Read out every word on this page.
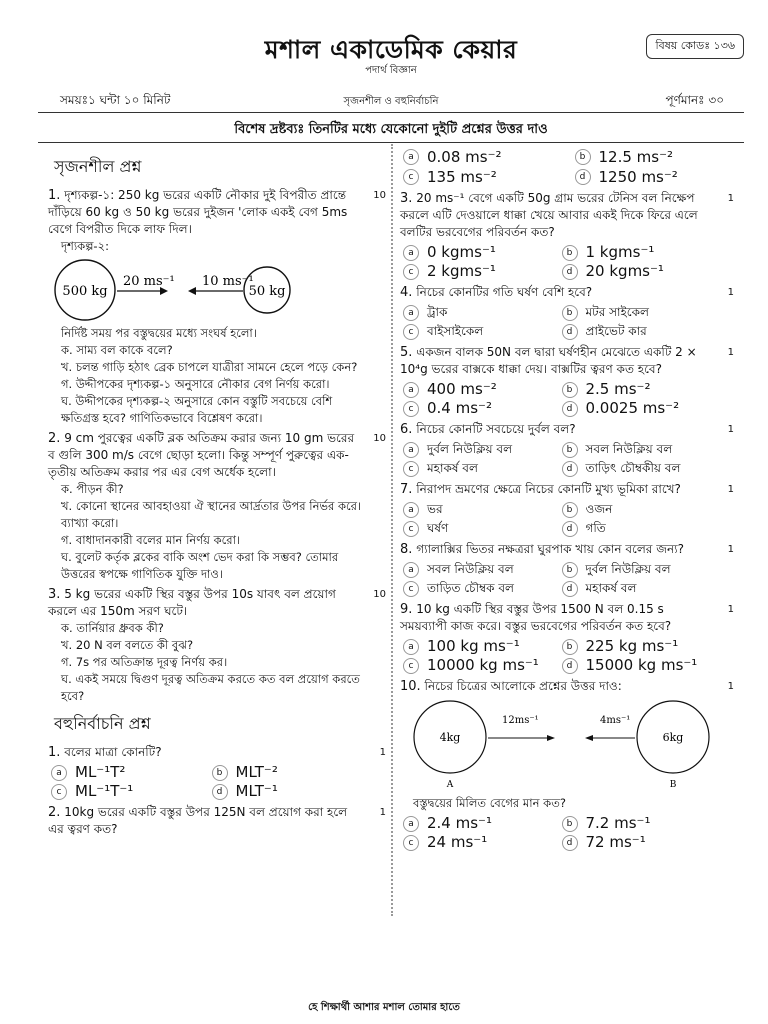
মশাল একাডেমিক কেয়ার
পদার্থ বিজ্ঞান
বিষয় কোডঃ ১৩৬
সময়ঃ১ ঘন্টা ১০ মিনিট	সৃজনশীল ও বহুনির্বাচনি	পূর্ণমানঃ ৩০
বিশেষ দ্রষ্টব্যঃ তিনটির মধ্যে যেকোনো দুইটি প্রশ্নের উত্তর দাও
সৃজনশীল প্রশ্ন
1. দৃশ্যকল্প-১: 250 kg ভরের একটি নৌকার দুই বিপরীত প্রান্তে দাঁড়িয়ে 60 kg ও 50 kg ভরের দুইজন 'লোক একই বেগ 5ms বেগে বিপরীত দিকে লাফ দিল।
10
দৃশ্যকল্প-২:
500 kg
20 ms⁻¹ 10 ms⁻¹
50 kg
নির্দিষ্ট সময় পর বস্তুদ্বয়ের মধ্যে সংঘর্ষ হলো।
ক. সাম্য বল কাকে বলে?
খ. চলন্ত গাড়ি হঠাৎ ব্রেক চাপলে যাত্রীরা সামনে হেলে পড়ে কেন?
গ. উদ্দীপকের দৃশ্যকল্প-১ অনুসারে নৌকার বেগ নির্ণয় করো।
ঘ. উদ্দীপকের দৃশ্যকল্প-২ অনুসারে কোন বস্তুটি সবচেয়ে বেশি ক্ষতিগ্রস্ত হবে? গাণিতিকভাবে বিশ্লেষণ করো।
2. 9 cm পুরত্বের একটি ব্লক অতিক্রম করার জন্য 10 gm ভরের ব গুলি 300 m/s বেগে ছোড়া হলো। কিন্তু সম্পূর্ণ পুরুত্বের এক-তৃতীয় অতিক্রম করার পর এর বেগ অর্ধেক হলো।
10
ক. পীড়ন কী?
খ. কোনো স্থানের আবহাওয়া ঐ স্থানের আর্দ্রতার উপর নির্ভর করে। ব্যাখ্যা করো।
গ. বাধাদানকারী বলের মান নির্ণয় করো।
ঘ. বুলেট কর্তৃক ব্লকের বাকি অংশ ভেদ করা কি সম্ভব? তোমার উত্তরের স্বপক্ষে গাণিতিক যুক্তি দাও।
3. 5 kg ভরের একটি স্থির বস্তুর উপর 10s যাবৎ বল প্রয়োগ করলে এর 150m সরণ ঘটে।
10
ক. তার্নিয়ার ধ্রুবক কী?
খ. 20 N বল বলতে কী বুঝ?
গ. 7s পর অতিক্রান্ত দূরত্ব নির্ণয় কর।
ঘ. একই সময়ে দ্বিগুণ দূরত্ব অতিক্রম করতে কত বল প্রয়োগ করতে হবে?
বহুনির্বাচনি প্রশ্ন
1. বলের মাত্রা কোনটি?	1
a ML⁻¹T²	b MLT⁻²
c ML⁻¹T⁻¹	d MLT⁻¹
2. 10kg ভরের একটি বস্তুর উপর 125N বল প্রয়োগ করা হলে এর ত্বরণ কত?
1
a 0.08 ms⁻²	b 12.5 ms⁻²
c 135 ms⁻²	d 1250 ms⁻²
3. 20 ms⁻¹ বেগে একটি 50g গ্রাম ভরের টেনিস বল নিক্ষেপ করলে এটি দেওয়ালে ধাক্কা খেয়ে আবার একই দিকে ফিরে এলে বলটির ভরবেগের পরিবর্তন কত?
1
a 0 kgms⁻¹	b 1 kgms⁻¹
c 2 kgms⁻¹	d 20 kgms⁻¹
4. নিচের কোনটির গতি ঘর্ষণ বেশি হবে?	1
a	ট্রাক	b	মটর সাইকেল
c	বাইসাইকেল	d	প্রাইভেট কার
5. একজন বালক 50N বল দ্বারা ঘর্ষণহীন মেঝেতে একটি 2 × 10⁴g ভরের বাক্সকে ধাক্কা দেয়। বাক্সটির ত্বরণ কত হবে?
1
a 400 ms⁻²	b 2.5 ms⁻²
c 0.4 ms⁻²	d 0.0025 ms⁻²
6. নিচের কোনটি সবচেয়ে দুর্বল বল?	1
a	দুর্বল নিউক্লিয় বল	b	সবল নিউক্লিয় বল
c	মহাকর্ষ বল	d	তাড়িৎ চৌম্বকীয় বল
7. নিরাপদ ভ্রমণের ক্ষেত্রে নিচের কোনটি মুখ্য ভূমিকা রাখে?	1
a	ভর	b	ওজন
c	ঘর্ষণ	d	গতি
8. গ্যালাক্সির ভিতর নক্ষত্ররা ঘুরপাক খায় কোন বলের জন্য?	1
a	সবল নিউক্লিয় বল	b	দুর্বল নিউক্লিয় বল
c	তাড়িত চৌম্বক বল	d	মহাকর্ষ বল
9. 10 kg একটি স্থির বস্তুর উপর 1500 N বল 0.15 s সময়ব্যাপী কাজ করে। বস্তুর ভরবেগের পরিবর্তন কত হবে?
1
a 100 kg ms⁻¹	b 225 kg ms⁻¹
c 10000 kg ms⁻¹	d 15000 kg ms⁻¹
10. নিচের চিত্রের আলোকে প্রশ্নের উত্তর দাও:	1
4kg
12ms⁻¹	4ms⁻¹
6kg
A	B
বস্তুদ্বয়ের মিলিত বেগের মান কত?
a 2.4 ms⁻¹	b 7.2 ms⁻¹
c 24 ms⁻¹	d 72 ms⁻¹
হে শিক্ষার্থী আশার মশাল তোমার হাতে
